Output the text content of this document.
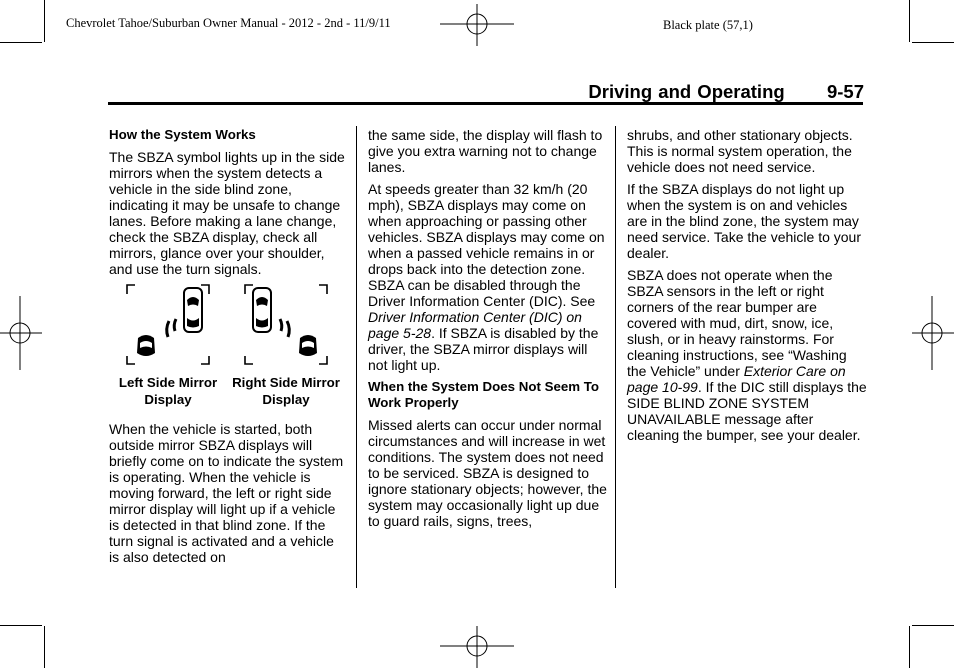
Chevrolet Tahoe/Suburban Owner Manual - 2012 - 2nd - 11/9/11	Black plate (57,1)
Driving and Operating 9-57
How the System Works

The SBZA symbol lights up in the side mirrors when the system detects a vehicle in the side blind zone, indicating it may be unsafe to change lanes. Before making a lane change, check the SBZA display, check all mirrors, glance over your shoulder, and use the turn signals.

Left Side Mirror Display
Right Side Mirror Display

When the vehicle is started, both outside mirror SBZA displays will briefly come on to indicate the system is operating. When the vehicle is moving forward, the left or right side mirror display will light up if a vehicle is detected in that blind zone. If the turn signal is activated and a vehicle is also detected on

the same side, the display will flash to give you extra warning not to change lanes.

At speeds greater than 32 km/h (20 mph), SBZA displays may come on when approaching or passing other vehicles. SBZA displays may come on when a passed vehicle remains in or drops back into the detection zone. SBZA can be disabled through the Driver Information Center (DIC). See Driver Information Center (DIC) on page 5-28. If SBZA is disabled by the driver, the SBZA mirror displays will not light up.

When the System Does Not Seem To Work Properly

Missed alerts can occur under normal circumstances and will increase in wet conditions. The system does not need to be serviced. SBZA is designed to ignore stationary objects; however, the system may occasionally light up due to guard rails, signs, trees,

shrubs, and other stationary objects. This is normal system operation, the vehicle does not need service.

If the SBZA displays do not light up when the system is on and vehicles are in the blind zone, the system may need service. Take the vehicle to your dealer.

SBZA does not operate when the SBZA sensors in the left or right corners of the rear bumper are covered with mud, dirt, snow, ice, slush, or in heavy rainstorms. For cleaning instructions, see “Washing the Vehicle” under Exterior Care on page 10-99. If the DIC still displays the SIDE BLIND ZONE SYSTEM UNAVAILABLE message after cleaning the bumper, see your dealer.
